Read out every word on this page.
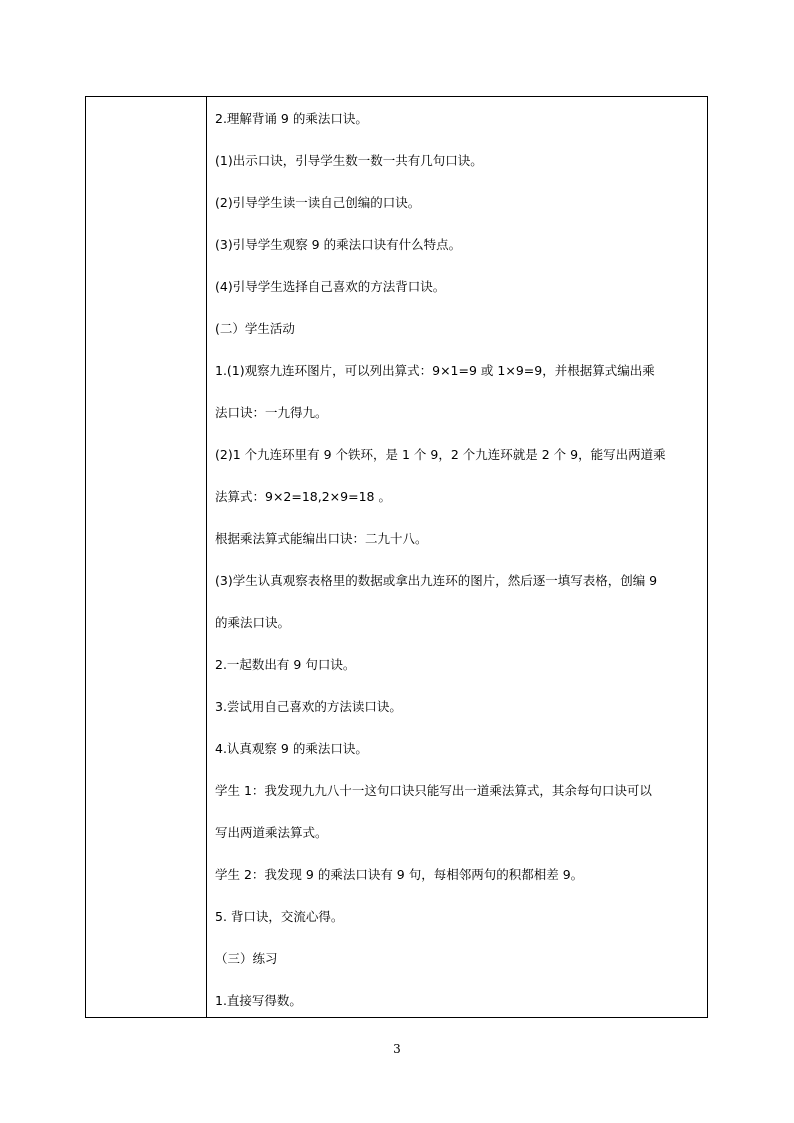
2.理解背诵 9 的乘法口诀。
(1)出示口诀，引导学生数一数一共有几句口诀。
(2)引导学生读一读自己创编的口诀。
(3)引导学生观察 9 的乘法口诀有什么特点。
(4)引导学生选择自己喜欢的方法背口诀。
(二）学生活动
1.(1)观察九连环图片，可以列出算式：9×1=9 或 1×9=9，并根据算式编出乘
法口诀：一九得九。
(2)1 个九连环里有 9 个铁环，是 1 个 9，2 个九连环就是 2 个 9，能写出两道乘
法算式：9×2=18,2×9=18 。
根据乘法算式能编出口诀：二九十八。
(3)学生认真观察表格里的数据或拿出九连环的图片，然后逐一填写表格，创编 9
的乘法口诀。
2.一起数出有 9 句口诀。
3.尝试用自己喜欢的方法读口诀。
4.认真观察 9 的乘法口诀。
学生 1：我发现九九八十一这句口诀只能写出一道乘法算式，其余每句口诀可以
写出两道乘法算式。
学生 2：我发现 9 的乘法口诀有 9 句，每相邻两句的积都相差 9。
5. 背口诀，交流心得。
（三）练习
1.直接写得数。
3
